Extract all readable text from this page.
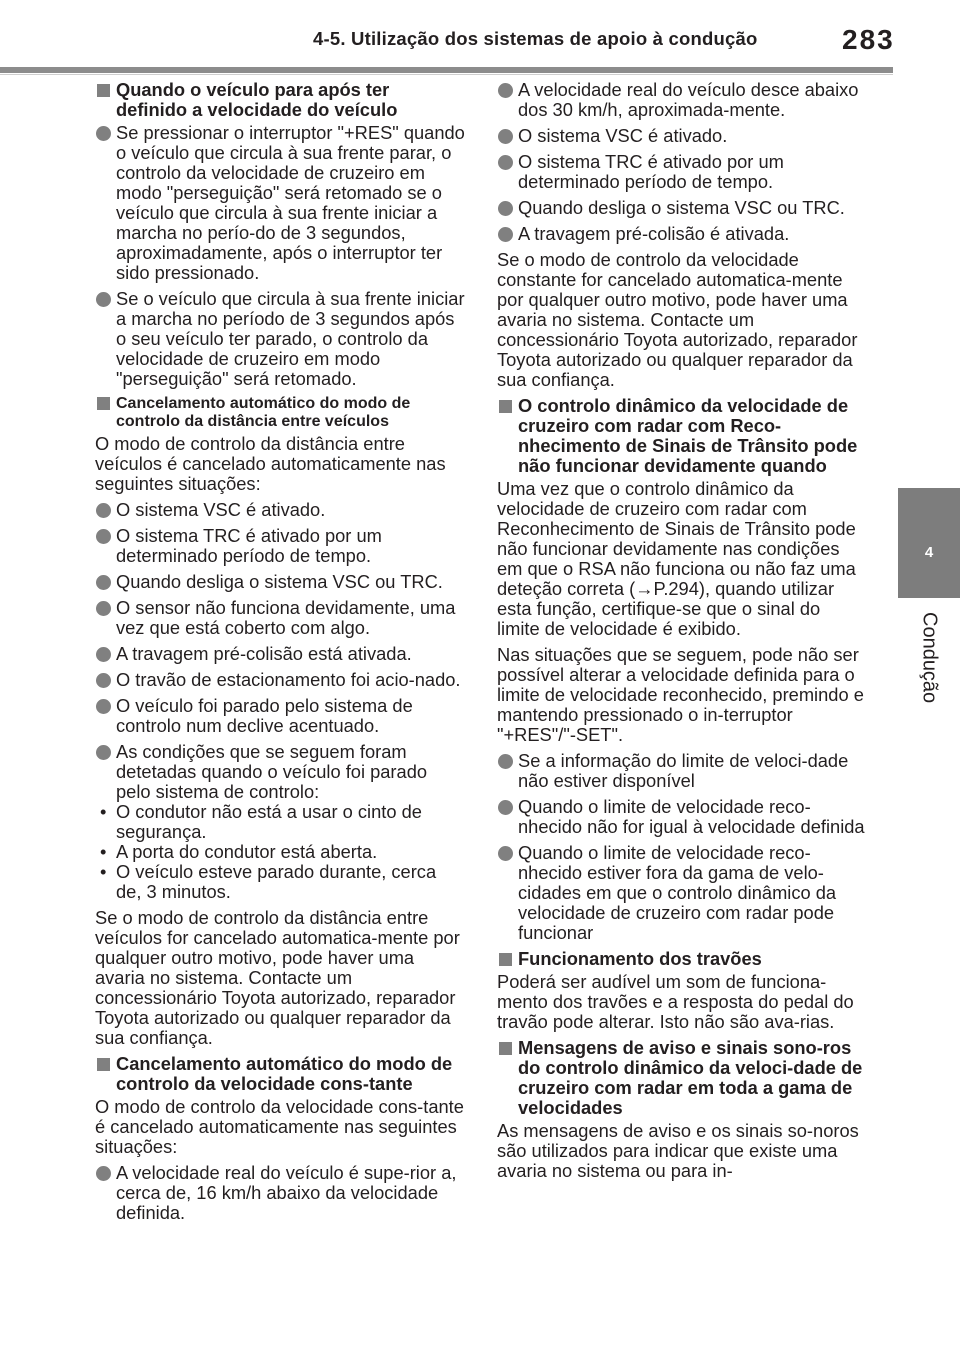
4-5. Utilização dos sistemas de apoio à condução	283
4
Condução
Quando o veículo para após ter definido a velocidade do veículo
Se pressionar o interruptor "+RES" quando o veículo que circula à sua frente parar, o controlo da velocidade de cruzeiro em modo "perseguição" será retomado se o veículo que circula à sua frente iniciar a marcha no perío-do de 3 segundos, aproximadamente, após o interruptor ter sido pressionado.
Se o veículo que circula à sua frente iniciar a marcha no período de 3 segundos após o seu veículo ter parado, o controlo da velocidade de cruzeiro em modo "perseguição" será retomado.
Cancelamento automático do modo de controlo da distância entre veículos
O modo de controlo da distância entre veículos é cancelado automaticamente nas seguintes situações:
O sistema VSC é ativado.
O sistema TRC é ativado por um determinado período de tempo.
Quando desliga o sistema VSC ou TRC.
O sensor não funciona devidamente, uma vez que está coberto com algo.
A travagem pré-colisão está ativada.
O travão de estacionamento foi acio-nado.
O veículo foi parado pelo sistema de controlo num declive acentuado.
As condições que se seguem foram detetadas quando o veículo foi parado pelo sistema de controlo:
• O condutor não está a usar o cinto de segurança.
• A porta do condutor está aberta.
• O veículo esteve parado durante, cerca de, 3 minutos.
Se o modo de controlo da distância entre veículos for cancelado automatica-mente por qualquer outro motivo, pode haver uma avaria no sistema. Contacte um concessionário Toyota autorizado, reparador Toyota autorizado ou qualquer reparador da sua confiança.
Cancelamento automático do modo de controlo da velocidade cons-tante
O modo de controlo da velocidade cons-tante é cancelado automaticamente nas seguintes situações:
A velocidade real do veículo é supe-rior a, cerca de, 16 km/h abaixo da velocidade definida.
A velocidade real do veículo desce abaixo dos 30 km/h, aproximada-mente.
O sistema VSC é ativado.
O sistema TRC é ativado por um determinado período de tempo.
Quando desliga o sistema VSC ou TRC.
A travagem pré-colisão é ativada.
Se o modo de controlo da velocidade constante for cancelado automatica-mente por qualquer outro motivo, pode haver uma avaria no sistema. Contacte um concessionário Toyota autorizado, reparador Toyota autorizado ou qualquer reparador da sua confiança.
O controlo dinâmico da velocidade de cruzeiro com radar com Reco-nhecimento de Sinais de Trânsito pode não funcionar devidamente quando
Uma vez que o controlo dinâmico da velocidade de cruzeiro com radar com Reconhecimento de Sinais de Trânsito pode não funcionar devidamente nas condições em que o RSA não funciona ou não faz uma deteção correta (→P.294), quando utilizar esta função, certifique-se que o sinal do limite de velocidade é exibido.
Nas situações que se seguem, pode não ser possível alterar a velocidade definida para o limite de velocidade reconhecido, premindo e mantendo pressionado o in-terruptor "+RES"/"-SET".
Se a informação do limite de veloci-dade não estiver disponível
Quando o limite de velocidade reco-nhecido não for igual à velocidade definida
Quando o limite de velocidade reco-nhecido estiver fora da gama de velo-cidades em que o controlo dinâmico da velocidade de cruzeiro com radar pode funcionar
Funcionamento dos travões
Poderá ser audível um som de funciona-mento dos travões e a resposta do pedal do travão pode alterar. Isto não são ava-rias.
Mensagens de aviso e sinais sono-ros do controlo dinâmico da veloci-dade de cruzeiro com radar em toda a gama de velocidades
As mensagens de aviso e os sinais so-noros são utilizados para indicar que existe uma avaria no sistema ou para in-
